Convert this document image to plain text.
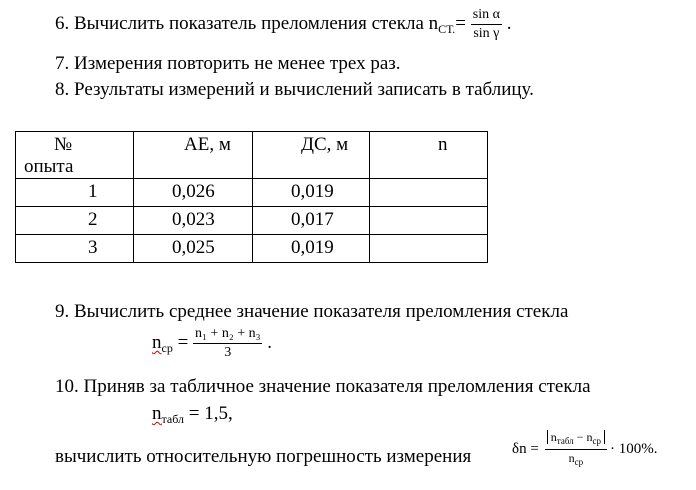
6. Вычислить показатель преломления стекла $n_{СТ.}= \frac{\text{sin α}}{\text{sin γ}}$ .
7. Измерения повторить не менее трех раз.
8. Результаты измерений и вычислений записать в таблицу.
№
опыта	АЕ, м	ДС, м	n

1	0,026	0,019	

2	0,023	0,017	

3	0,025	0,019	

9. Вычислить среднее значение показателя преломления стекла
$n_{ср} = \frac{\text{n₁ + n₂ + n₃}}{3}$ .
10. Приняв за табличное значение показателя преломления стекла
$n_{табл} = 1,5$,
вычислить относительную погрешность измерения	$\delta n = \frac{n_{табл} - n_{ср}}{n_{ср}} \cdot 100\%$.
